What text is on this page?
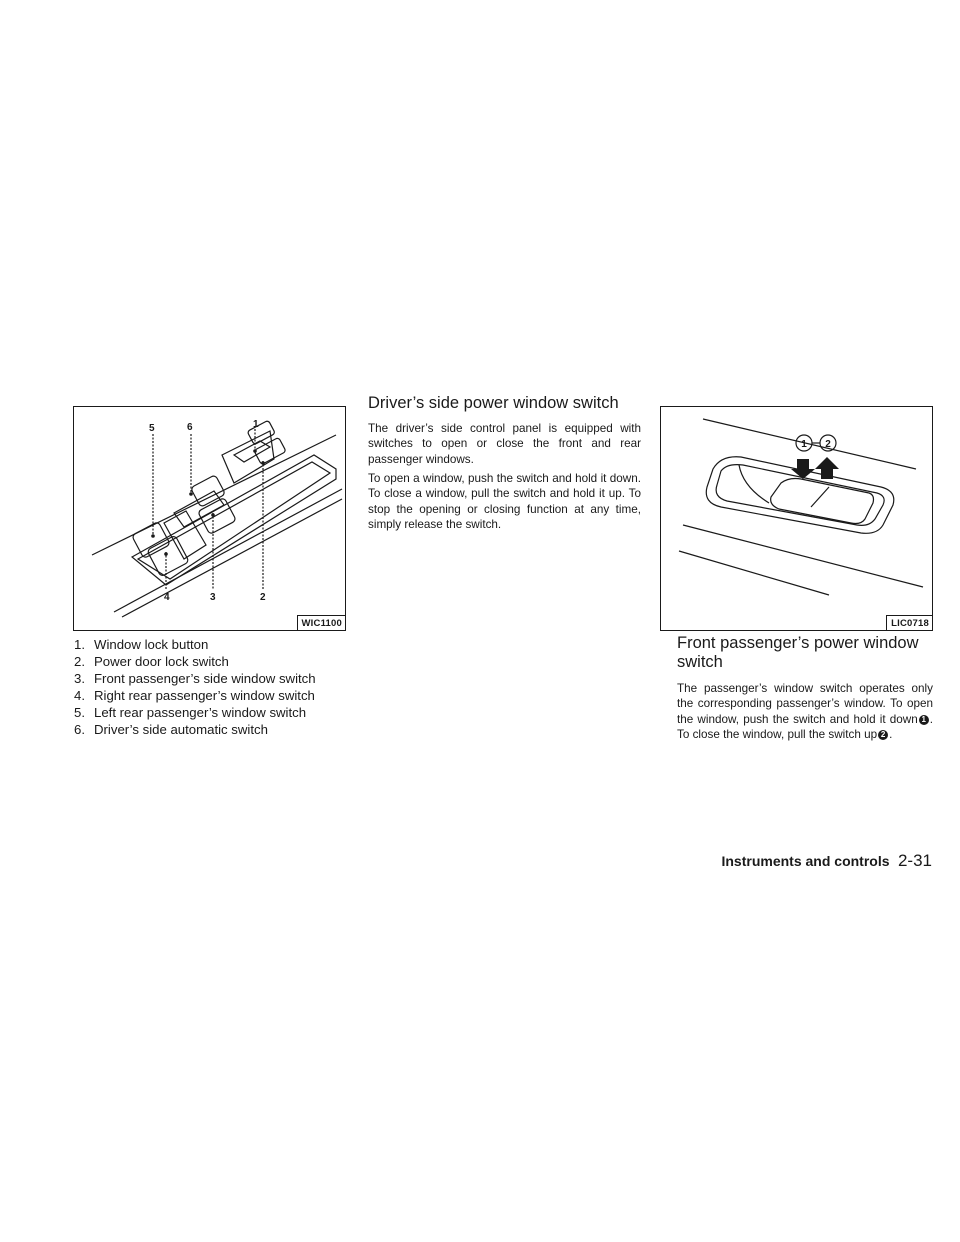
5	6	1
2
3
4
WIC1100
1. Window lock button
2. Power door lock switch
3. Front passenger’s side window switch
4. Right rear passenger’s window switch
5. Left rear passenger’s window switch
6. Driver’s side automatic switch
Driver’s side power window switch

The driver’s side control panel is equipped with switches to open or close the front and rear passenger windows.

To open a window, push the switch and hold it down. To close a window, pull the switch and hold it up. To stop the opening or closing function at any time, simply release the switch.

1 2
LIC0718
Front passenger’s power window switch

The passenger’s window switch operates only the corresponding passenger’s window. To open the window, push the switch and hold it down 1 . To close the window, pull the switch up 2 .

Instruments and controls 2-31
